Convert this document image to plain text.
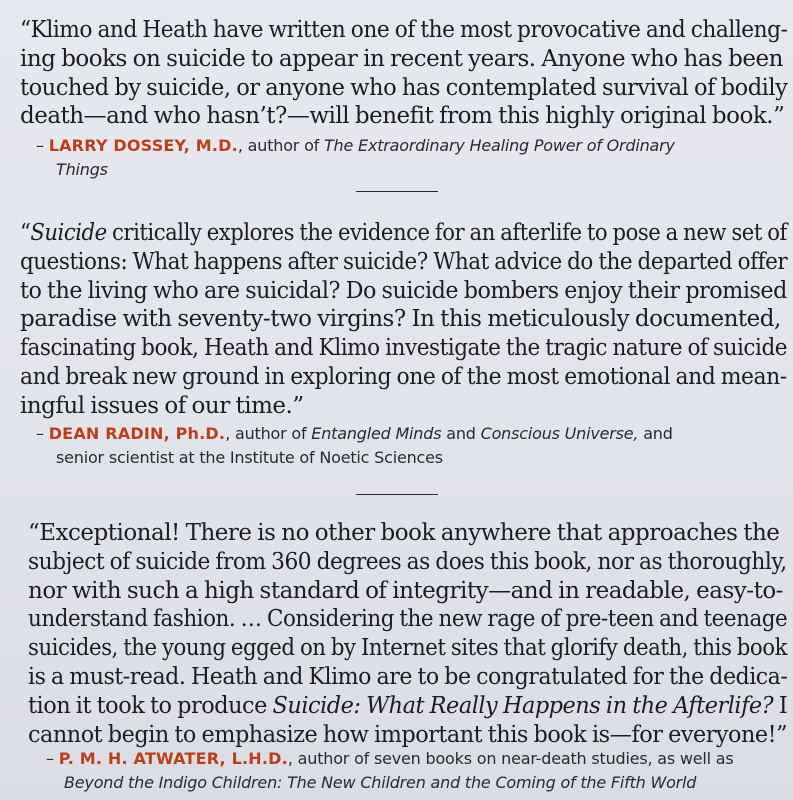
“Klimo and Heath have written one of the most provocative and challeng-
ing books on suicide to appear in recent years. Anyone who has been
touched by suicide, or anyone who has contemplated survival of bodily
death—and who hasn’t?—will benefit from this highly original book.”
– LARRY DOSSEY, M.D., author of The Extraordinary Healing Power of Ordinary
Things
“Suicide critically explores the evidence for an afterlife to pose a new set of
questions: What happens after suicide? What advice do the departed offer
to the living who are suicidal? Do suicide bombers enjoy their promised
paradise with seventy-two virgins? In this meticulously documented,
fascinating book, Heath and Klimo investigate the tragic nature of suicide
and break new ground in exploring one of the most emotional and mean-
ingful issues of our time.”
– DEAN RADIN, Ph.D., author of Entangled Minds and Conscious Universe, and
senior scientist at the Institute of Noetic Sciences
“Exceptional! There is no other book anywhere that approaches the
subject of suicide from 360 degrees as does this book, nor as thoroughly,
nor with such a high standard of integrity—and in readable, easy-to-
understand fashion. … Considering the new rage of pre-teen and teenage
suicides, the young egged on by Internet sites that glorify death, this book
is a must-read. Heath and Klimo are to be congratulated for the dedica-
tion it took to produce Suicide: What Really Happens in the Afterlife? I
cannot begin to emphasize how important this book is—for everyone!”
– P. M. H. ATWATER, L.H.D., author of seven books on near-death studies, as well as
Beyond the Indigo Children: The New Children and the Coming of the Fifth World
